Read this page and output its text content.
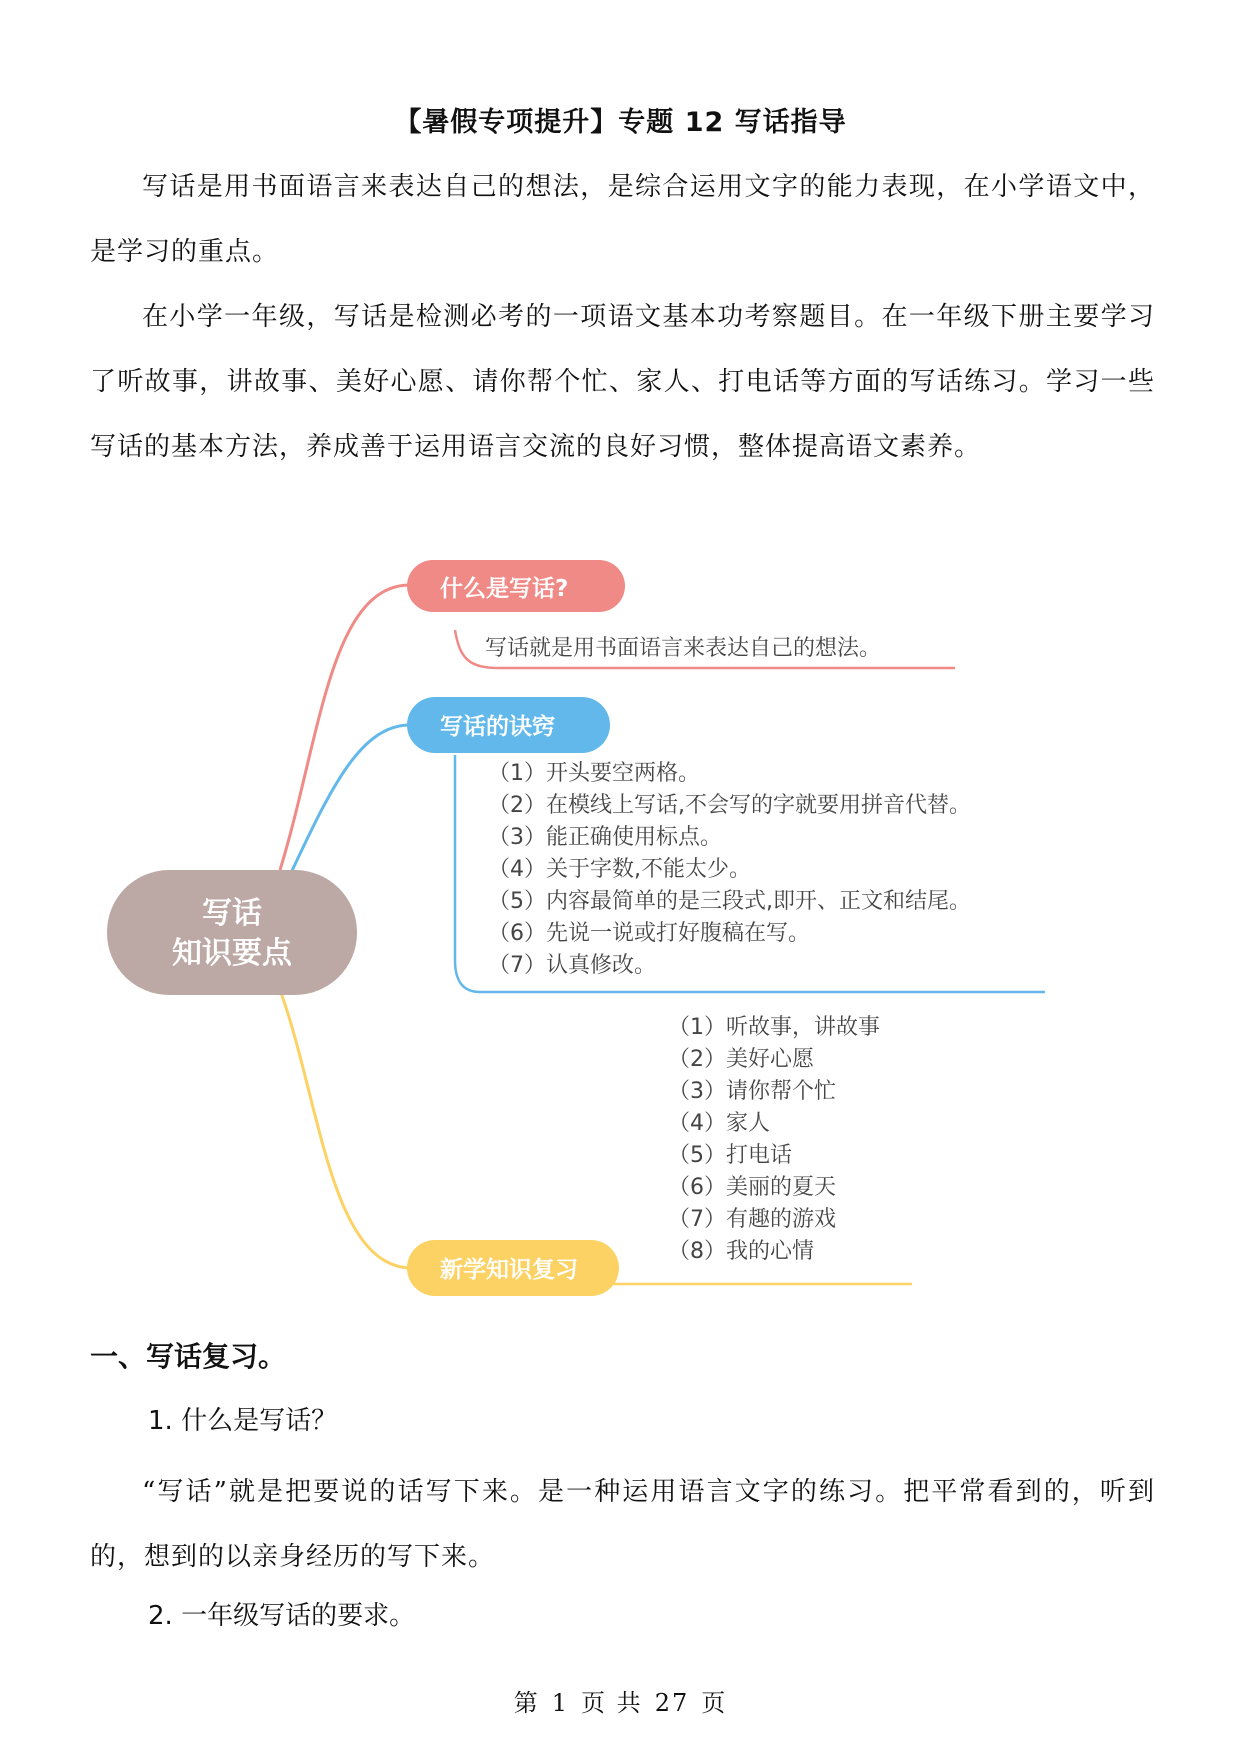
【暑假专项提升】专题 12 写话指导

写话是用书面语言来表达自己的想法，是综合运用文字的能力表现，在小学语文中，是学习的重点。

在小学一年级，写话是检测必考的一项语文基本功考察题目。在一年级下册主要学习了听故事，讲故事、美好心愿、请你帮个忙、家人、打电话等方面的写话练习。学习一些写话的基本方法，养成善于运用语言交流的良好习惯，整体提高语文素养。

写话
知识要点
什么是写话?
写话就是用书面语言来表达自己的想法。
写话的诀窍
（1）开头要空两格。
（2）在模线上写话,不会写的字就要用拼音代替。
（3）能正确使用标点。
（4）关于字数,不能太少。
（5）内容最简单的是三段式,即开、正文和结尾。
（6）先说一说或打好腹稿在写。
（7）认真修改。
新学知识复习
（1）听故事，讲故事
（2）美好心愿
（3）请你帮个忙
（4）家人
（5）打电话
（6）美丽的夏天
（7）有趣的游戏
（8）我的心情
一、写话复习。
1. 什么是写话？

“写话”就是把要说的话写下来。是一种运用语言文字的练习。把平常看到的，听到的，想到的以亲身经历的写下来。

2. 一年级写话的要求。
第 1 页 共 27 页
